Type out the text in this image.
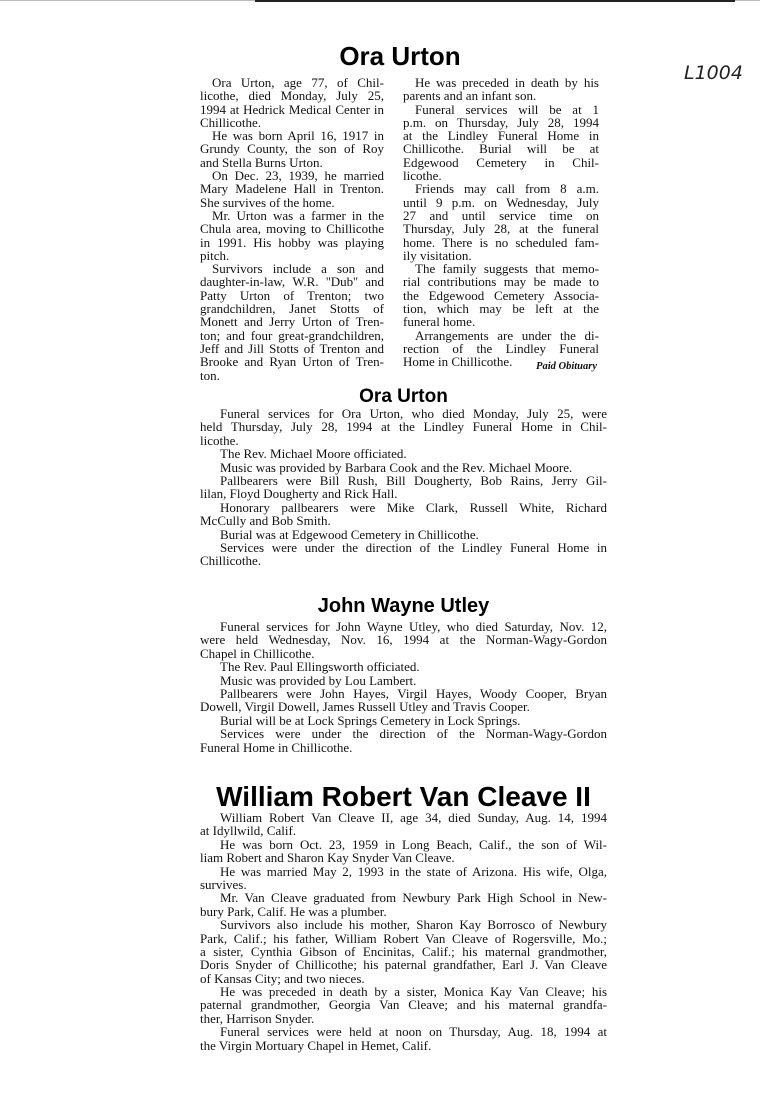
L1004
Ora Urton
Ora Urton, age 77, of Chil-
licothe, died Monday, July 25,
1994 at Hedrick Medical Center in
Chillicothe.
He was born April 16, 1917 in
Grundy County, the son of Roy
and Stella Burns Urton.
On Dec. 23, 1939, he married
Mary Madelene Hall in Trenton.
She survives of the home.
Mr. Urton was a farmer in the
Chula area, moving to Chillicothe
in 1991. His hobby was playing
pitch.
Survivors include a son and
daughter-in-law, W.R. ''Dub'' and
Patty Urton of Trenton; two
grandchildren, Janet Stotts of
Monett and Jerry Urton of Tren-
ton; and four great-grandchildren,
Jeff and Jill Stotts of Trenton and
Brooke and Ryan Urton of Tren-
ton.
He was preceded in death by his
parents and an infant son.
Funeral services will be at 1
p.m. on Thursday, July 28, 1994
at the Lindley Funeral Home in
Chillicothe. Burial will be at
Edgewood Cemetery in Chil-
licothe.
Friends may call from 8 a.m.
until 9 p.m. on Wednesday, July
27 and until service time on
Thursday, July 28, at the funeral
home. There is no scheduled fam-
ily visitation.
The family suggests that memo-
rial contributions may be made to
the Edgewood Cemetery Associa-
tion, which may be left at the
funeral home.
Arrangements are under the di-
rection of the Lindley Funeral
Home in Chillicothe.	Paid Obituary
Ora Urton
Funeral services for Ora Urton, who died Monday, July 25, were
held Thursday, July 28, 1994 at the Lindley Funeral Home in Chil-
licothe.
The Rev. Michael Moore officiated.
Music was provided by Barbara Cook and the Rev. Michael Moore.
Pallbearers were Bill Rush, Bill Dougherty, Bob Rains, Jerry Gil-
lilan, Floyd Dougherty and Rick Hall.
Honorary pallbearers were Mike Clark, Russell White, Richard
McCully and Bob Smith.
Burial was at Edgewood Cemetery in Chillicothe.
Services were under the direction of the Lindley Funeral Home in
Chillicothe.
John Wayne Utley
Funeral services for John Wayne Utley, who died Saturday, Nov. 12,
were held Wednesday, Nov. 16, 1994 at the Norman-Wagy-Gordon
Chapel in Chillicothe.
The Rev. Paul Ellingsworth officiated.
Music was provided by Lou Lambert.
Pallbearers were John Hayes, Virgil Hayes, Woody Cooper, Bryan
Dowell, Virgil Dowell, James Russell Utley and Travis Cooper.
Burial will be at Lock Springs Cemetery in Lock Springs.
Services were under the direction of the Norman-Wagy-Gordon
Funeral Home in Chillicothe.
William Robert Van Cleave II
William Robert Van Cleave II, age 34, died Sunday, Aug. 14, 1994
at Idyllwild, Calif.
He was born Oct. 23, 1959 in Long Beach, Calif., the son of Wil-
liam Robert and Sharon Kay Snyder Van Cleave.
He was married May 2, 1993 in the state of Arizona. His wife, Olga,
survives.
Mr. Van Cleave graduated from Newbury Park High School in New-
bury Park, Calif. He was a plumber.
Survivors also include his mother, Sharon Kay Borrosco of Newbury
Park, Calif.; his father, William Robert Van Cleave of Rogersville, Mo.;
a sister, Cynthia Gibson of Encinitas, Calif.; his maternal grandmother,
Doris Snyder of Chillicothe; his paternal grandfather, Earl J. Van Cleave
of Kansas City; and two nieces.
He was preceded in death by a sister, Monica Kay Van Cleave; his
paternal grandmother, Georgia Van Cleave; and his maternal grandfa-
ther, Harrison Snyder.
Funeral services were held at noon on Thursday, Aug. 18, 1994 at
the Virgin Mortuary Chapel in Hemet, Calif.
